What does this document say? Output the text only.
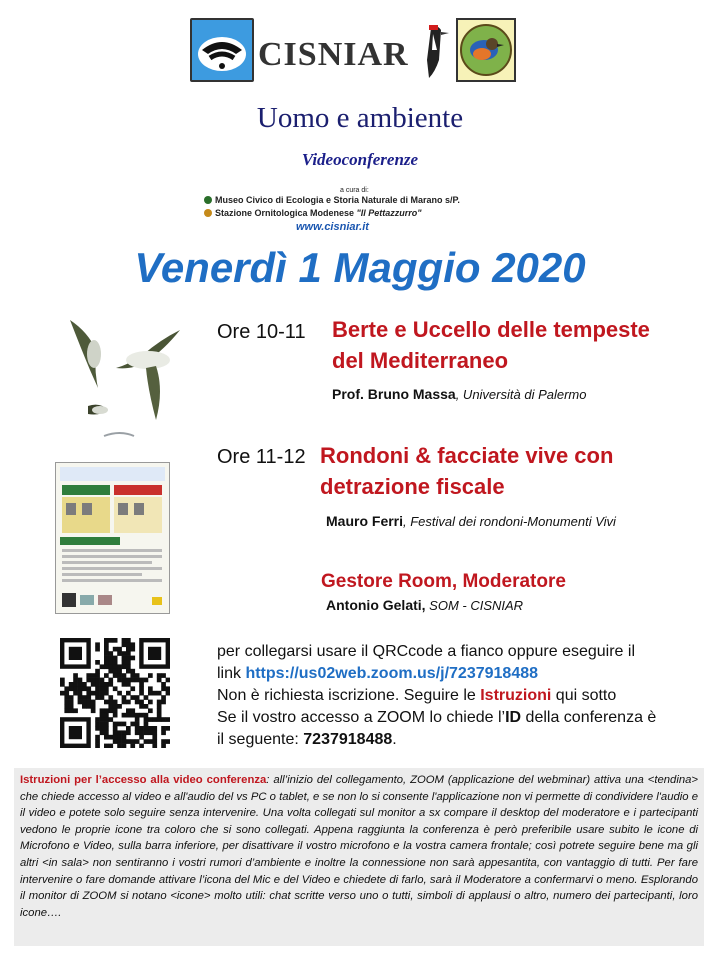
CISNIAR
Uomo e ambiente
Videoconferenze
a cura di:
Museo Civico di Ecologia e Storia Naturale di Marano s/P.
Stazione Ornitologica Modenese "Il Pettazzurro"
www.cisniar.it
Venerdì 1 Maggio 2020
Ore 10-11 Berte e Uccello delle tempeste
del Mediterraneo
Prof. Bruno Massa, Università di Palermo
Ore 11-12 Rondoni & facciate vive con
detrazione fiscale
Mauro Ferri, Festival dei rondoni-Monumenti Vivi
Gestore Room, Moderatore
Antonio Gelati, SOM - CISNIAR
per collegarsi usare il QRCcode a fianco oppure eseguire il
link https://us02web.zoom.us/j/7237918488
Non è richiesta iscrizione. Seguire le Istruzioni qui sotto
Se il vostro accesso a ZOOM lo chiede l’ID della conferenza è
il seguente: 7237918488.
Istruzioni per l’accesso alla video conferenza: all’inizio del collegamento, ZOOM (applicazione del webminar) attiva una <tendina> che chiede accesso al video e all'audio del vs PC o tablet, e se non lo si consente l'applicazione non vi permette di condividere l'audio e il video e potete solo seguire senza intervenire. Una volta collegati sul monitor a sx compare il desktop del moderatore e i partecipanti vedono le proprie icone tra coloro che si sono collegati. Appena raggiunta la conferenza è però preferibile usare subito le icone di Microfono e Video, sulla barra inferiore, per disattivare il vostro microfono e la vostra camera frontale; così potrete seguire bene ma gli altri <in sala> non sentiranno i vostri rumori d’ambiente e inoltre la connessione non sarà appesantita, con vantaggio di tutti. Per fare intervenire o fare domande attivare l’icona del Mic e del Video e chiedete di farlo, sarà il Moderatore a confermarvi o meno. Esplorando il monitor di ZOOM si notano <icone> molto utili: chat scritte verso uno o tutti, simboli di applausi o altro, numero dei partecipanti, loro icone….
